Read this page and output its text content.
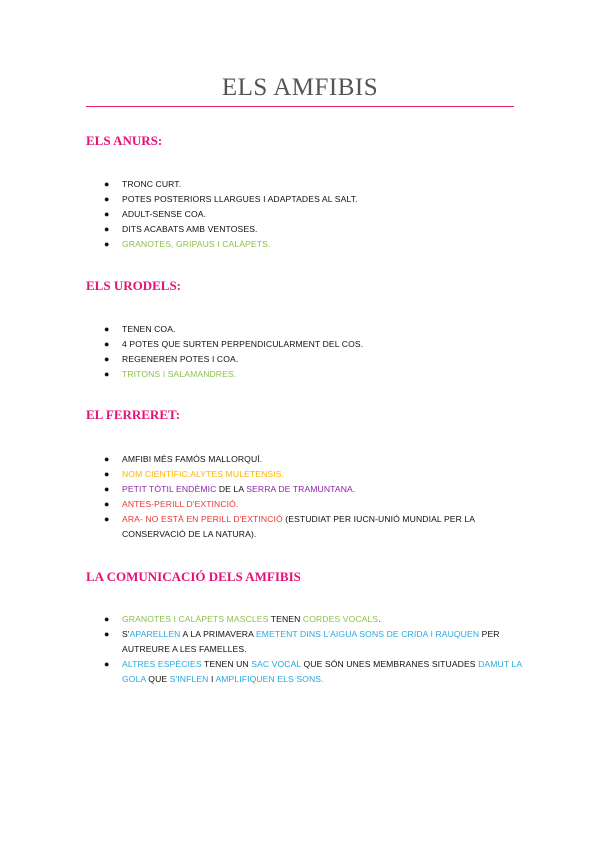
ELS AMFIBIS
ELS ANURS:
● TRONC CURT.
● POTES POSTERIORS LLARGUES I ADAPTADES AL SALT.
● ADULT-SENSE COA.
● DITS ACABATS AMB VENTOSES.
● GRANOTES, GRIPAUS I CALÀPETS.
ELS URODELS:
● TENEN COA.
● 4 POTES QUE SURTEN PERPENDICULARMENT DEL COS.
● REGENEREN POTES I COA.
● TRITONS I SALAMANDRES.
EL FERRERET:
● AMFIBI MÉS FAMÓS MALLORQUÍ.
● NOM CIENTÍFIC:ALYTES MULETENSIS.
● PETIT TÒTIL ENDÈMIC DE LA SERRA DE TRAMUNTANA.
● ANTES-PERILL D'EXTINCIÓ.
● ARA- NO ESTÀ EN PERILL D'EXTINCIÓ (ESTUDIAT PER IUCN-UNIÓ MUNDIAL PER LA CONSERVACIÓ DE LA NATURA).
LA COMUNICACIÓ DELS AMFIBIS
● GRANOTES I CALÀPETS MASCLES TENEN CORDES VOCALS.
● S'APARELLEN A LA PRIMAVERA EMETENT DINS L'AIGUA SONS DE CRIDA I RAUQUEN PER AUTREURE A LES FAMELLES.
● ALTRES ESPÈCIES TENEN UN SAC VOCAL QUE SÓN UNES MEMBRANES SITUADES DAMUT LA GOLA QUE S'INFLEN I AMPLIFIQUEN ELS SONS.
